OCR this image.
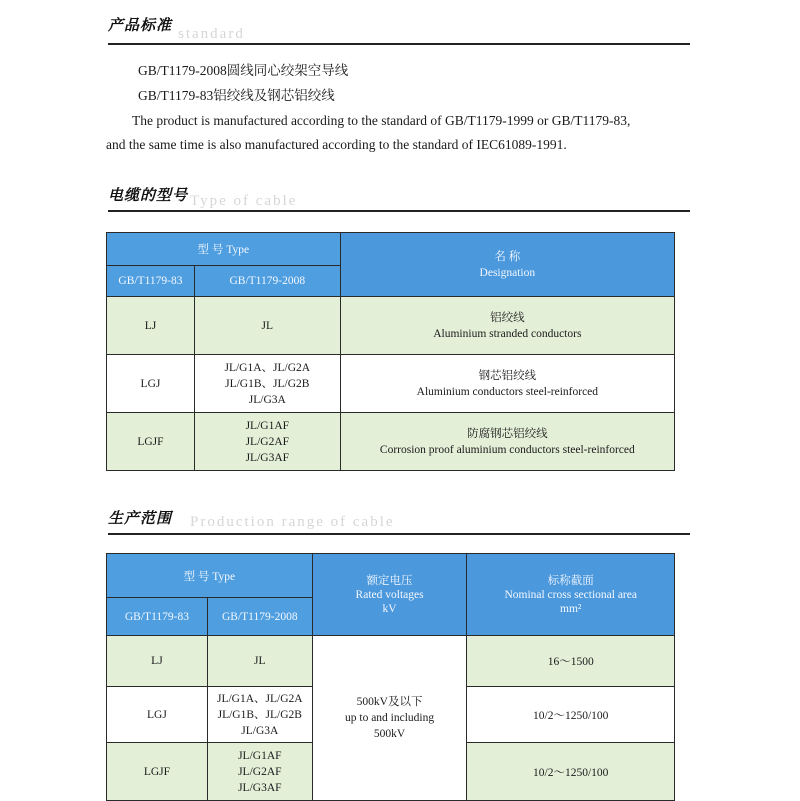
standard
产品标准
GB/T1179-2008圆线同心绞架空导线
GB/T1179-83铝绞线及钢芯铝绞线
The product is manufactured according to the standard of GB/T1179-1999 or GB/T1179-83,
and the same time is also manufactured according to the standard of IEC61089-1991.
Type of cable
电缆的型号
型 号 Type		名 称
Designation

GB/T1179-83	GB/T1179-2008	
LJ	JL	铝绞线
Aluminium stranded conductors

LGJ	JL/G1A、JL/G2A
JL/G1B、JL/G2B
JL/G3A	钢芯铝绞线
Aluminium conductors steel-reinforced

LGJF	JL/G1AF
JL/G2AF
JL/G3AF	防腐钢芯铝绞线
Corrosion proof aluminium conductors steel-reinforced
Production range of cable
生产范围
型 号 Type		额定电压
Rated voltages
kV	标称截面
Nominal cross sectional area
mm²

GB/T1179-83	GB/T1179-2008		
LJ	JL	500kV及以下
up to and including
500kV	16～1500
LGJ	JL/G1A、JL/G2A
JL/G1B、JL/G2B
JL/G3A		10/2～1250/100
LGJF	JL/G1AF
JL/G2AF
JL/G3AF		10/2～1250/100
